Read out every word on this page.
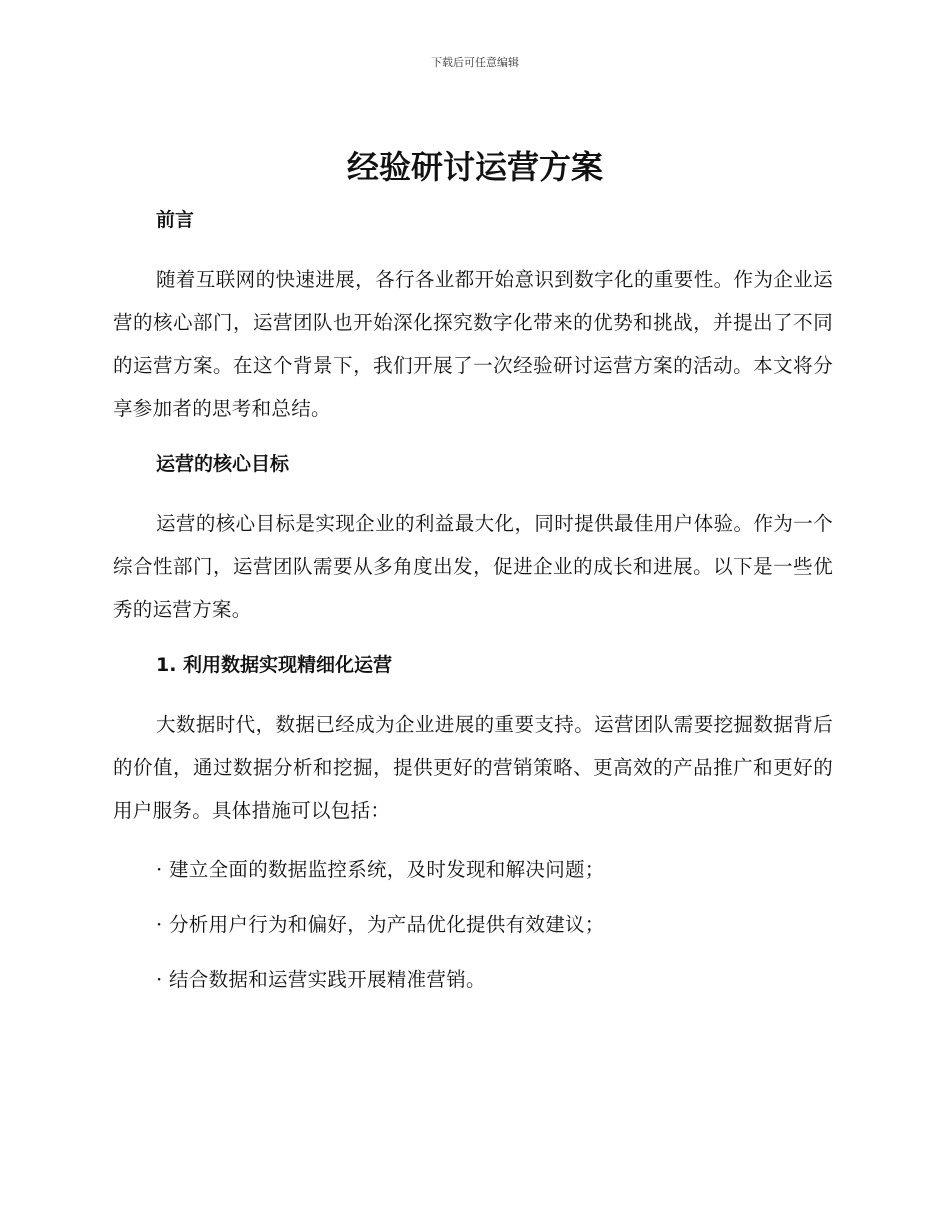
下载后可任意编辑
经验研讨运营方案

前言

随着互联网的快速进展，各行各业都开始意识到数字化的重要性。作为企业运营的核心部门，运营团队也开始深化探究数字化带来的优势和挑战，并提出了不同的运营方案。在这个背景下，我们开展了一次经验研讨运营方案的活动。本文将分享参加者的思考和总结。

运营的核心目标

运营的核心目标是实现企业的利益最大化，同时提供最佳用户体验。作为一个综合性部门，运营团队需要从多角度出发，促进企业的成长和进展。以下是一些优秀的运营方案。

1. 利用数据实现精细化运营

大数据时代，数据已经成为企业进展的重要支持。运营团队需要挖掘数据背后的价值，通过数据分析和挖掘，提供更好的营销策略、更高效的产品推广和更好的用户服务。具体措施可以包括：

· 建立全面的数据监控系统，及时发现和解决问题；

· 分析用户行为和偏好，为产品优化提供有效建议；

· 结合数据和运营实践开展精准营销。
